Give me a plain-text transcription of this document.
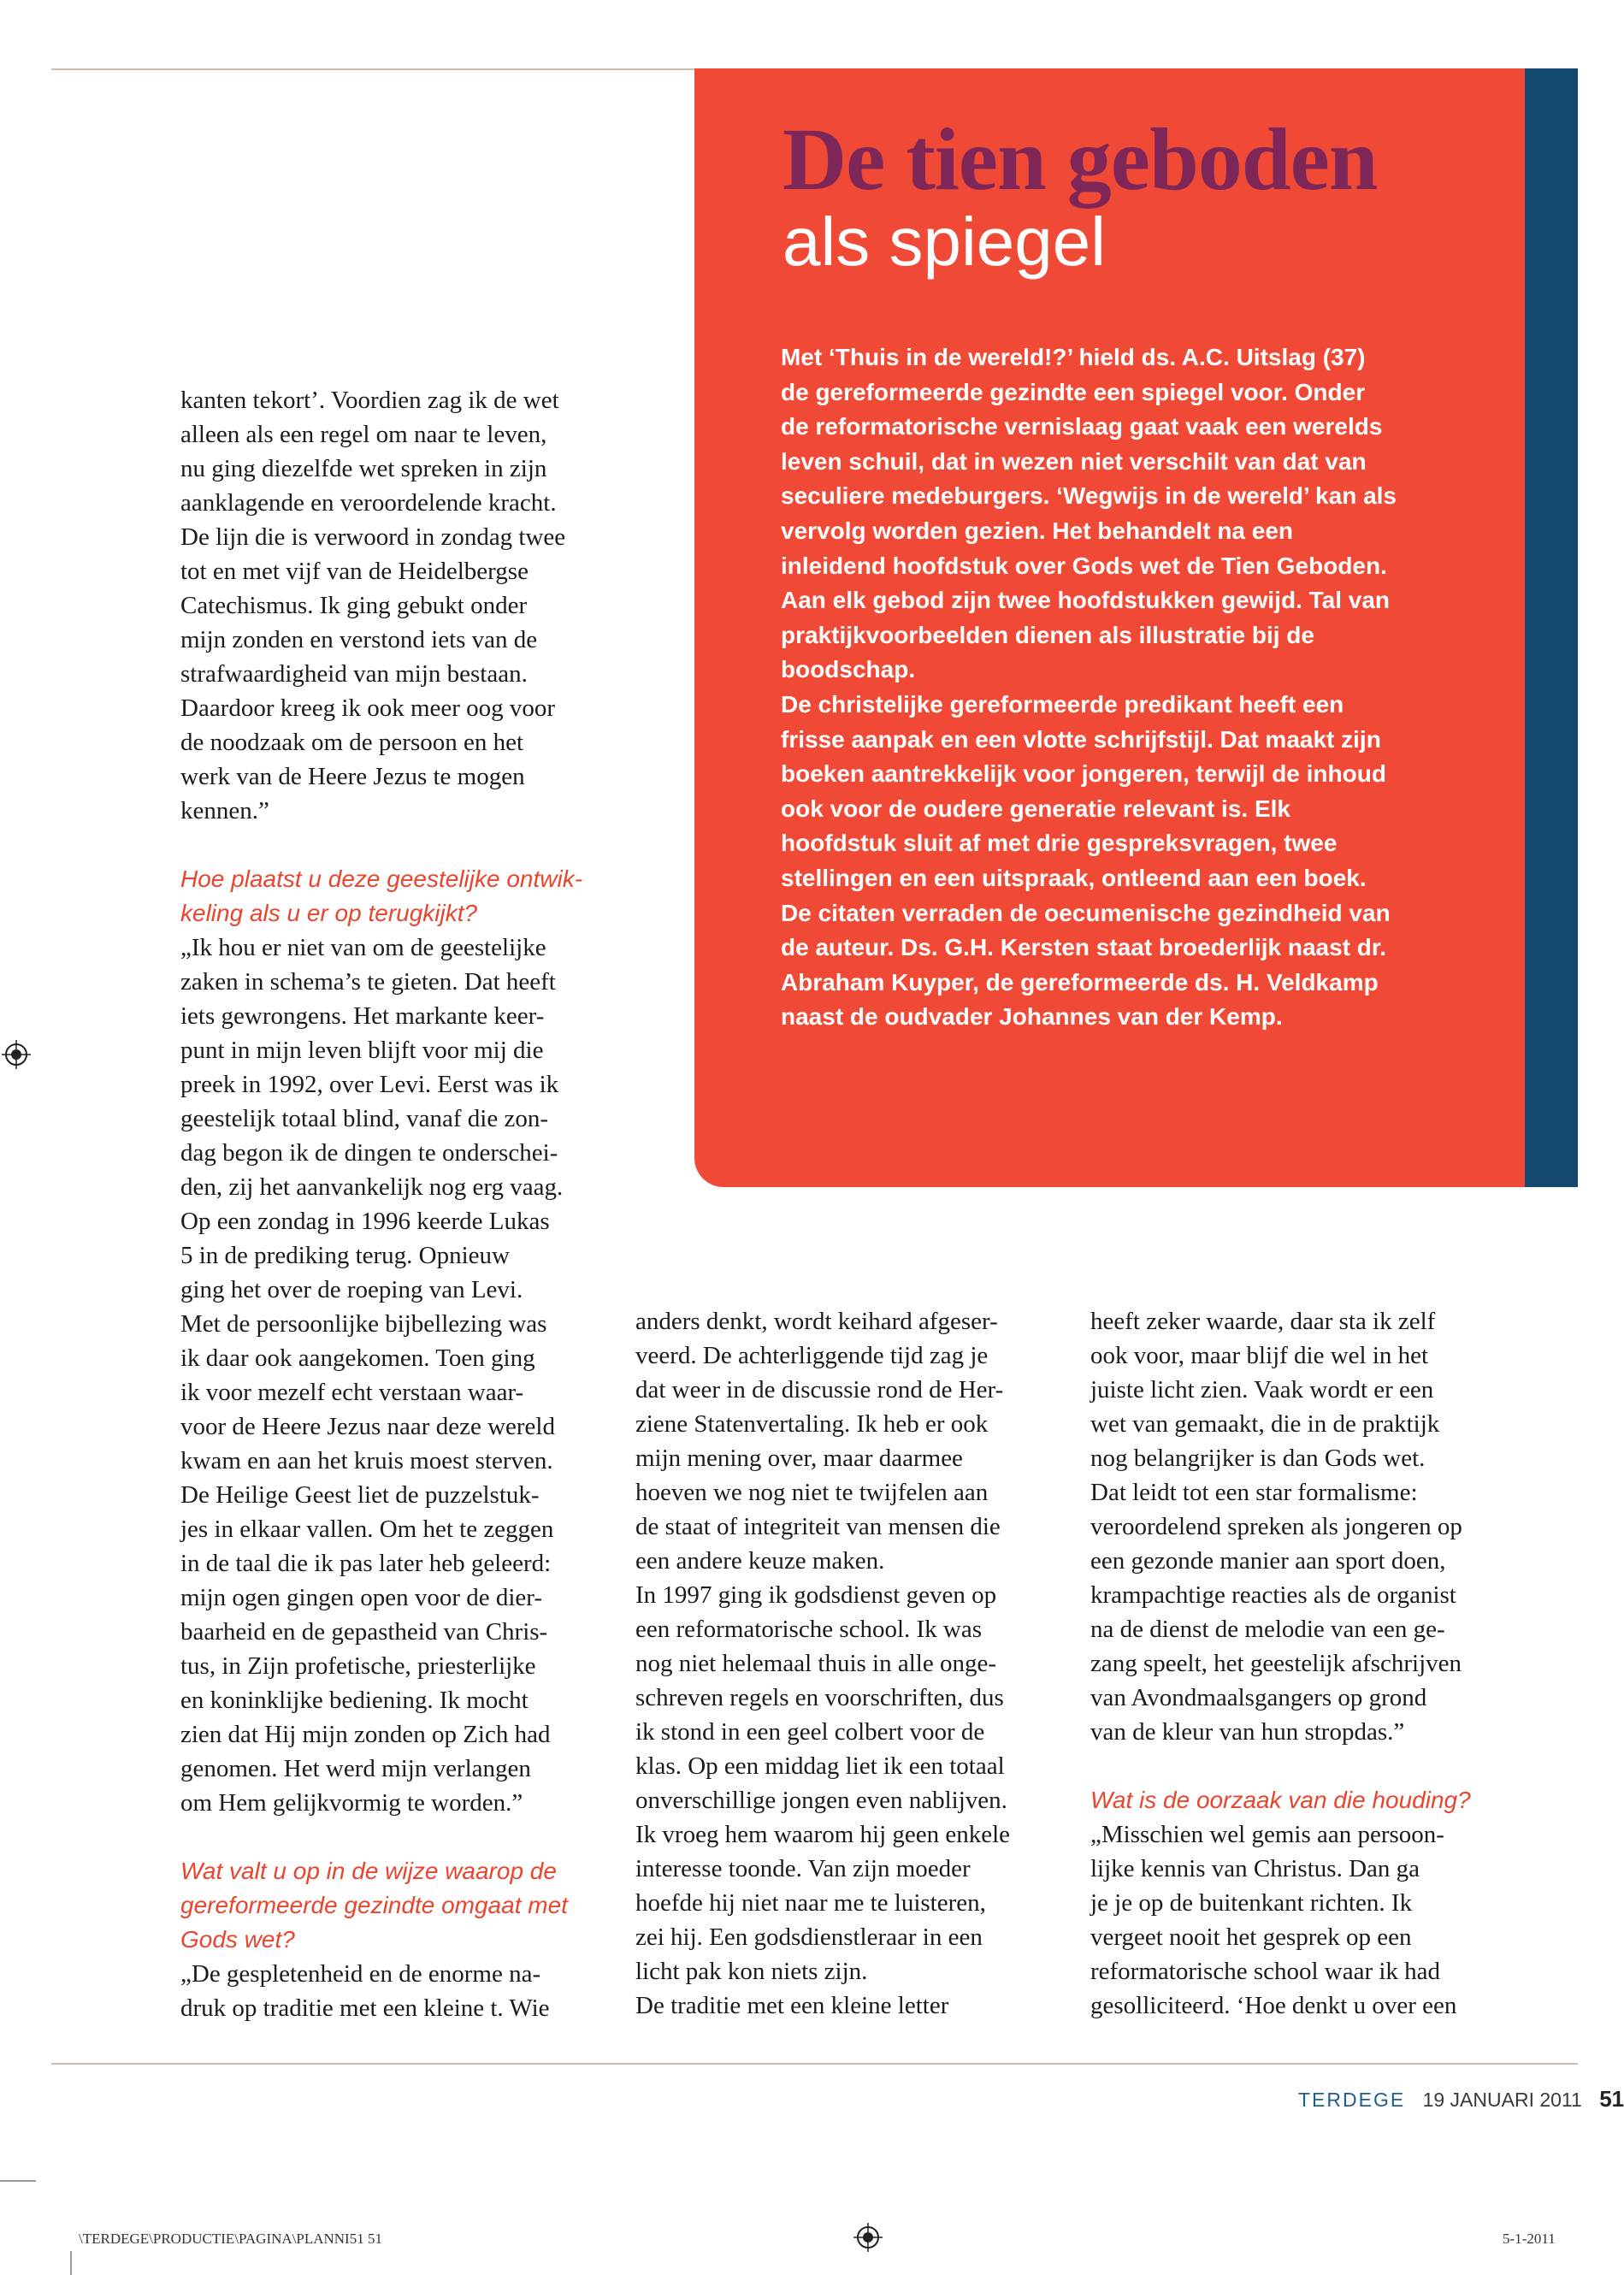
De tien geboden
als spiegel

Met ‘Thuis in de wereld!?’ hield ds. A.C. Uitslag (37) de gereformeerde gezindte een spiegel voor. Onder de reformatorische vernislaag gaat vaak een werelds leven schuil, dat in wezen niet verschilt van dat van seculiere medeburgers. ‘Wegwijs in de wereld’ kan als vervolg worden gezien. Het behandelt na een inleidend hoofdstuk over Gods wet de Tien Geboden. Aan elk gebod zijn twee hoofdstukken gewijd. Tal van praktijkvoorbeelden dienen als illustratie bij de boodschap.

De christelijke gereformeerde predikant heeft een frisse aanpak en een vlotte schrijfstijl. Dat maakt zijn boeken aantrekkelijk voor jongeren, terwijl de inhoud ook voor de oudere generatie relevant is. Elk hoofdstuk sluit af met drie gespreksvragen, twee stellingen en een uitspraak, ontleend aan een boek. De citaten verraden de oecumenische gezindheid van de auteur. Ds. G.H. Kersten staat broederlijk naast dr. Abraham Kuyper, de gereformeerde ds. H. Veldkamp naast de oudvader Johannes van der Kemp.

kanten tekort’. Voordien zag ik de wet
alleen als een regel om naar te leven,
nu ging diezelfde wet spreken in zijn
aanklagende en veroordelende kracht.
De lijn die is verwoord in zondag twee
tot en met vijf van de Heidelbergse
Catechismus. Ik ging gebukt onder
mijn zonden en verstond iets van de
strafwaardigheid van mijn bestaan.
Daardoor kreeg ik ook meer oog voor
de noodzaak om de persoon en het
werk van de Heere Jezus te mogen
kennen.”

Hoe plaatst u deze geestelijke ontwik-
keling als u er op terugkijkt?

„Ik hou er niet van om de geestelijke
zaken in schema’s te gieten. Dat heeft
iets gewrongens. Het markante keer-
punt in mijn leven blijft voor mij die
preek in 1992, over Levi. Eerst was ik
geestelijk totaal blind, vanaf die zon-
dag begon ik de dingen te onderschei-
den, zij het aanvankelijk nog erg vaag.
Op een zondag in 1996 keerde Lukas
5 in de prediking terug. Opnieuw
ging het over de roeping van Levi.
Met de persoonlijke bijbellezing was
ik daar ook aangekomen. Toen ging
ik voor mezelf echt verstaan waar-
voor de Heere Jezus naar deze wereld
kwam en aan het kruis moest sterven.
De Heilige Geest liet de puzzelstuk-
jes in elkaar vallen. Om het te zeggen
in de taal die ik pas later heb geleerd:
mijn ogen gingen open voor de dier-
baarheid en de gepastheid van Chris-
tus, in Zijn profetische, priesterlijke
en koninklijke bediening. Ik mocht
zien dat Hij mijn zonden op Zich had
genomen. Het werd mijn verlangen
om Hem gelijkvormig te worden.”

Wat valt u op in de wijze waarop de
gereformeerde gezindte omgaat met
Gods wet?

„De gespletenheid en de enorme na-
druk op traditie met een kleine t. Wie

anders denkt, wordt keihard afgeser-
veerd. De achterliggende tijd zag je
dat weer in de discussie rond de Her-
ziene Statenvertaling. Ik heb er ook
mijn mening over, maar daarmee
hoeven we nog niet te twijfelen aan
de staat of integriteit van mensen die
een andere keuze maken.
In 1997 ging ik godsdienst geven op
een reformatorische school. Ik was
nog niet helemaal thuis in alle onge-
schreven regels en voorschriften, dus
ik stond in een geel colbert voor de
klas. Op een middag liet ik een totaal
onverschillige jongen even nablijven.
Ik vroeg hem waarom hij geen enkele
interesse toonde. Van zijn moeder
hoefde hij niet naar me te luisteren,
zei hij. Een godsdienstleraar in een
licht pak kon niets zijn.
De traditie met een kleine letter

heeft zeker waarde, daar sta ik zelf
ook voor, maar blijf die wel in het
juiste licht zien. Vaak wordt er een
wet van gemaakt, die in de praktijk
nog belangrijker is dan Gods wet.
Dat leidt tot een star formalisme:
veroordelend spreken als jongeren op
een gezonde manier aan sport doen,
krampachtige reacties als de organist
na de dienst de melodie van een ge-
zang speelt, het geestelijk afschrijven
van Avondmaalsgangers op grond
van de kleur van hun stropdas.”

Wat is de oorzaak van die houding?

„Misschien wel gemis aan persoon-
lijke kennis van Christus. Dan ga
je je op de buitenkant richten. Ik
vergeet nooit het gesprek op een
reformatorische school waar ik had
gesolliciteerd. ‘Hoe denkt u over een

TERDEGE 19 JANUARI 2011 51
\TERDEGE\PRODUCTIE\PAGINA\PLANNI51 51	5-1-2011
